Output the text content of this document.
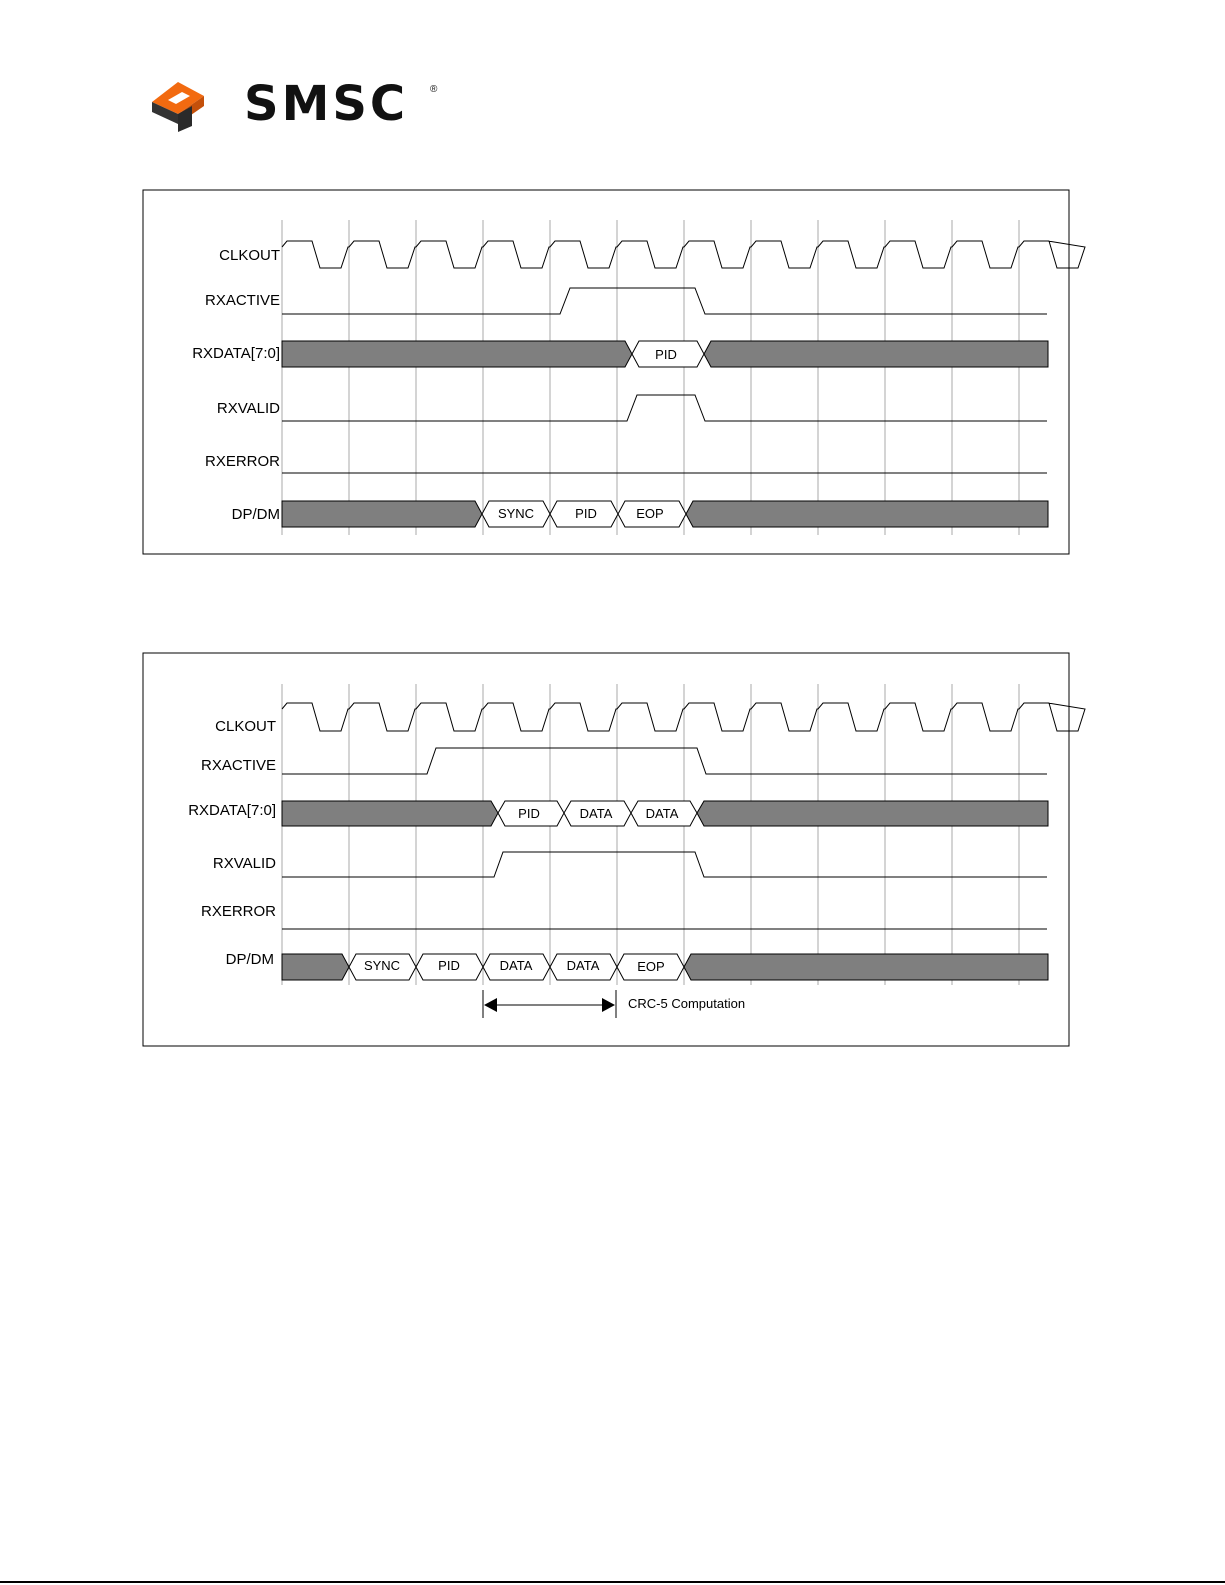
SMSC ®
CLKOUT
RXACTIVE
RXDATA[7:0]
RXVALID
RXERROR
DP/DM
PID
SYNC	PID	EOP
CLKOUT
RXACTIVE
RXDATA[7:0]
RXVALID
RXERROR
DP/DM
PID	DATA	DATA
SYNC	PID	DATA	DATA	EOP
CRC-5 Computation
